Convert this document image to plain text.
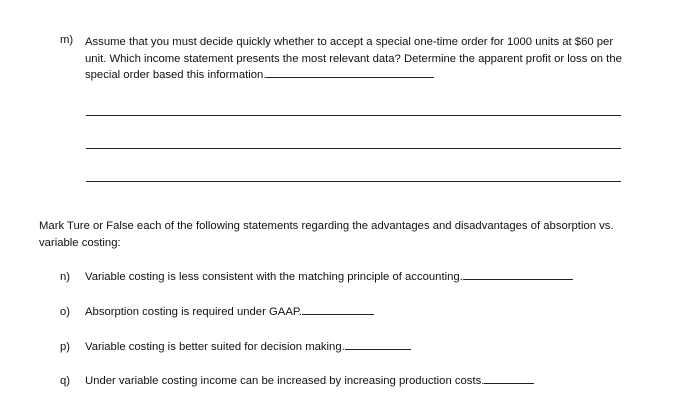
m) Assume that you must decide quickly whether to accept a special one-time order for 1000 units at $60 per unit. Which income statement presents the most relevant data? Determine the apparent profit or loss on the special order based this information.
Mark Ture or False each of the following statements regarding the advantages and disadvantages of absorption vs. variable costing:
n) Variable costing is less consistent with the matching principle of accounting.
o) Absorption costing is required under GAAP.
p) Variable costing is better suited for decision making.
q) Under variable costing income can be increased by increasing production costs.
